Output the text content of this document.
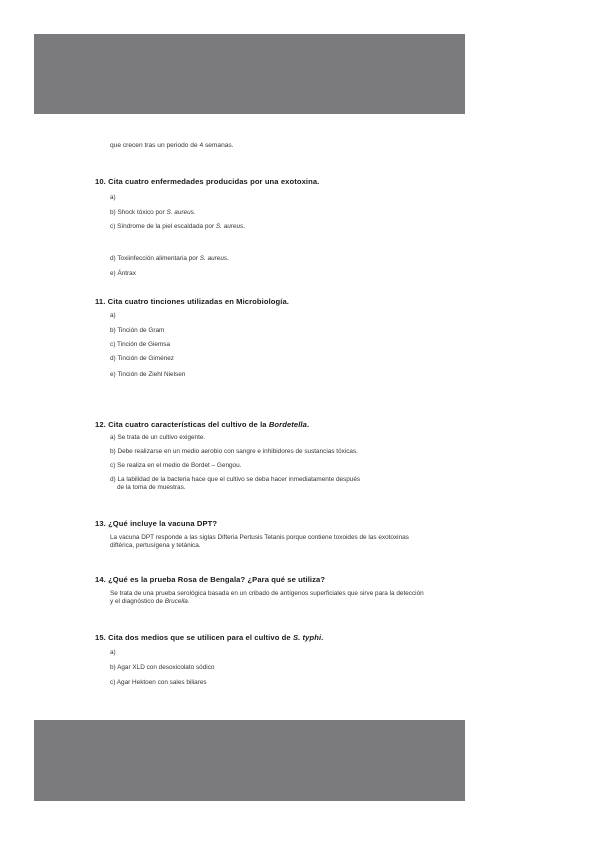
que crecen tras un periodo de 4 semanas.

10. Cita cuatro enfermedades producidas por una exotoxina.

a)
b) Shock tóxico por S. aureus.
c) Síndrome de la piel escaldada por S. aureus.
d) Toxiinfección alimentaria por S. aureus.
e) Ántrax

11. Cita cuatro tinciones utilizadas en Microbiología.

a)
b) Tinción de Gram
c) Tinción de Giemsa
d) Tinción de Giménez
e) Tinción de Ziehl Nielsen

12. Cita cuatro características del cultivo de la Bordetella.

a) Se trata de un cultivo exigente.
b) Debe realizarse en un medio aerobio con sangre e inhibidores de sustancias tóxicas.
c) Se realiza en el medio de Bordet – Gengou.
d) La labilidad de la bacteria hace que el cultivo se deba hacer inmediatamente después
de la toma de muestras.

13. ¿Qué incluye la vacuna DPT?

La vacuna DPT responde a las siglas Difteria Pertusis Tetanis porque contiene toxoides de las exotoxinas diftérica, pertusígena y tetánica.

14. ¿Qué es la prueba Rosa de Bengala? ¿Para qué se utiliza?

Se trata de una prueba serológica basada en un cribado de antígenos superficiales que sirve para la detección y el diagnóstico de Brucella.

15. Cita dos medios que se utilicen para el cultivo de S. typhi.

a)
b) Agar XLD con desoxicolato sódico
c) Agar Hektoen con sales biliares
